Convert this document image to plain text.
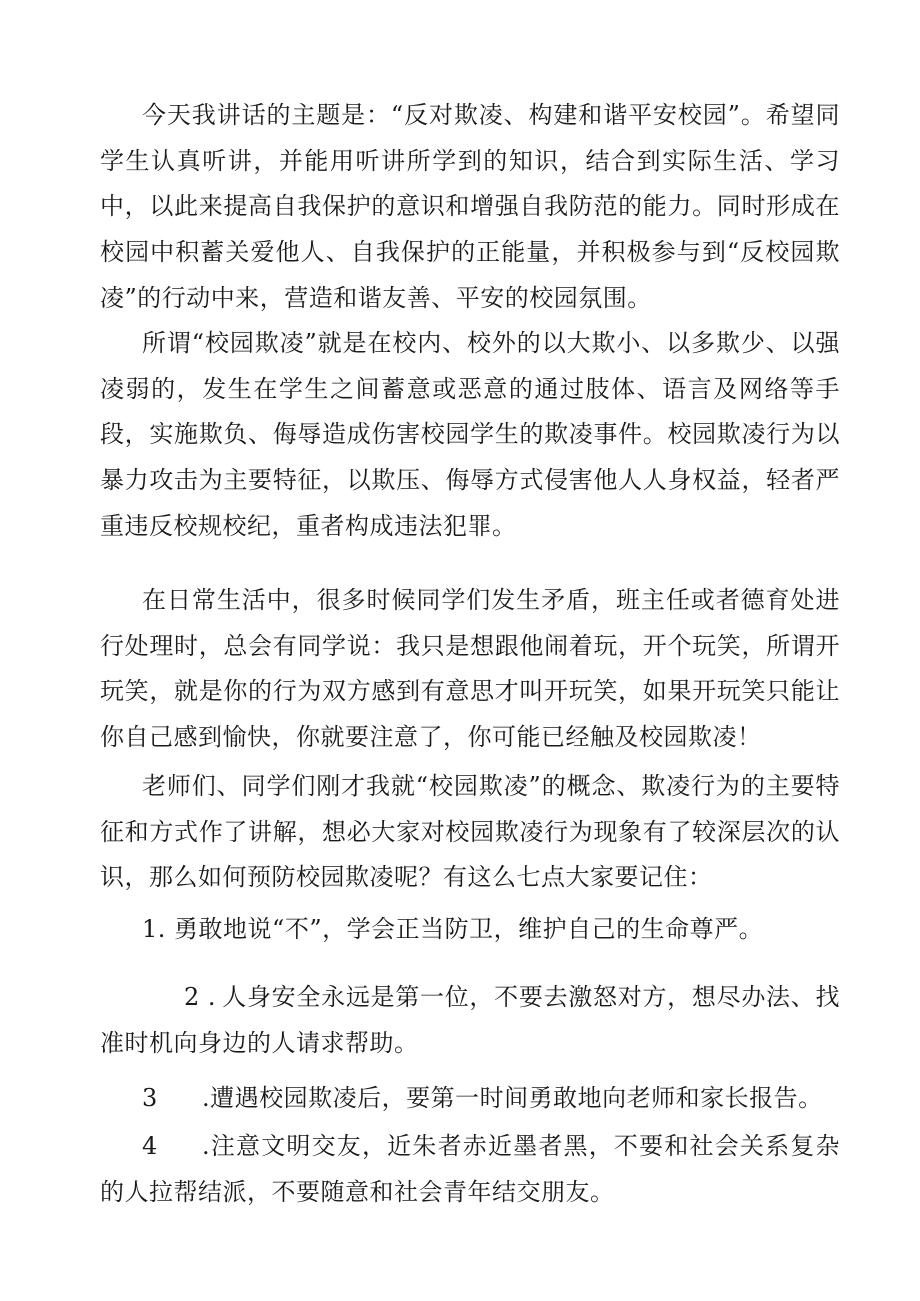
今天我讲话的主题是：“反对欺凌、构建和谐平安校园”。希望同学生认真听讲，并能用听讲所学到的知识，结合到实际生活、学习中，以此来提高自我保护的意识和增强自我防范的能力。同时形成在校园中积蓄关爱他人、自我保护的正能量，并积极参与到“反校园欺凌”的行动中来，营造和谐友善、平安的校园氛围。

所谓“校园欺凌”就是在校内、校外的以大欺小、以多欺少、以强凌弱的，发生在学生之间蓄意或恶意的通过肢体、语言及网络等手段，实施欺负、侮辱造成伤害校园学生的欺凌事件。校园欺凌行为以暴力攻击为主要特征，以欺压、侮辱方式侵害他人人身权益，轻者严重违反校规校纪，重者构成违法犯罪。

在日常生活中，很多时候同学们发生矛盾，班主任或者德育处进行处理时，总会有同学说：我只是想跟他闹着玩，开个玩笑，所谓开玩笑，就是你的行为双方感到有意思才叫开玩笑，如果开玩笑只能让你自己感到愉快，你就要注意了，你可能已经触及校园欺凌！

老师们、同学们刚才我就“校园欺凌”的概念、欺凌行为的主要特征和方式作了讲解，想必大家对校园欺凌行为现象有了较深层次的认识，那么如何预防校园欺凌呢？有这么七点大家要记住：

1. 勇敢地说“不”，学会正当防卫，维护自己的生命尊严。

2 . 人身安全永远是第一位，不要去激怒对方，想尽办法、找准时机向身边的人请求帮助。

3 .遭遇校园欺凌后，要第一时间勇敢地向老师和家长报告。

4 .注意文明交友，近朱者赤近墨者黑，不要和社会关系复杂的人拉帮结派，不要随意和社会青年结交朋友。
